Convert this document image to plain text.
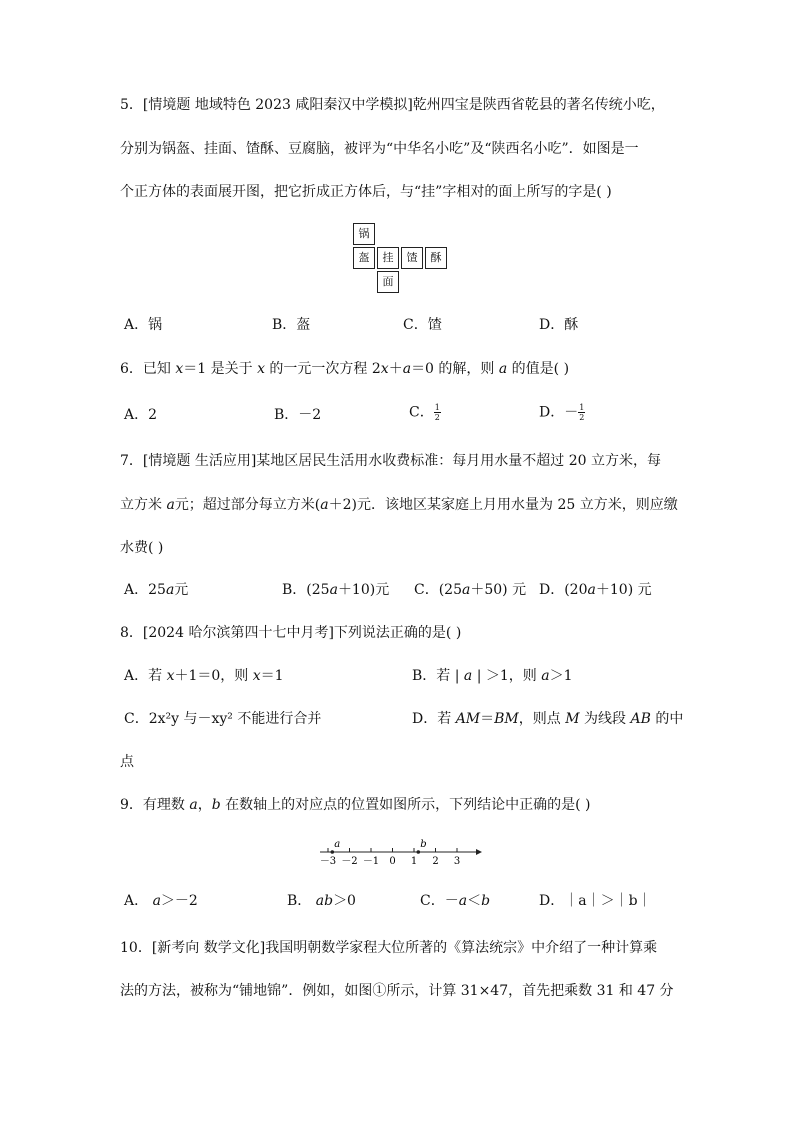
5．[情境题 地域特色 2023 咸阳秦汉中学模拟]乾州四宝是陕西省乾县的著名传统小吃，
分别为锅盔、挂面、馇酥、豆腐脑，被评为“中华名小吃”及“陕西名小吃”．如图是一
个正方体的表面展开图，把它折成正方体后，与“挂”字相对的面上所写的字是( )
锅
盔	挂	馇	酥
面
A．锅	B．盔	C．馇	D．酥
6．已知 x＝1 是关于 x 的一元一次方程 2x＋a＝0 的解，则 a 的值是( )
A．2	B．－2	C． $\frac{1}{2}$	D．－ $\frac{1}{2}$
7．[情境题 生活应用]某地区居民生活用水收费标准：每月用水量不超过 20 立方米，每
立方米 a元；超过部分每立方米(a＋2)元．该地区某家庭上月用水量为 25 立方米，则应缴
水费( )
A．25a元	B．(25a＋10)元 C．(25a＋50) 元 D．(20a＋10) 元
8．[2024 哈尔滨第四十七中月考]下列说法正确的是( )
A．若 x＋1＝0，则 x＝1	B．若 | a | ＞1，则 a＞1
C．2x²y 与－xy² 不能进行合并	D．若 AM＝BM，则点 M 为线段 AB 的中
点
9．有理数 a，b 在数轴上的对应点的位置如图所示，下列结论中正确的是( )
－3 －2 －1 0 1 2 3
a	b
A． a＞－2	B． ab＞0	C．－a＜b	D．｜a｜＞｜b｜
10．[新考向 数学文化]我国明朝数学家程大位所著的《算法统宗》中介绍了一种计算乘
法的方法，被称为“铺地锦”．例如，如图①所示，计算 31×47，首先把乘数 31 和 47 分
